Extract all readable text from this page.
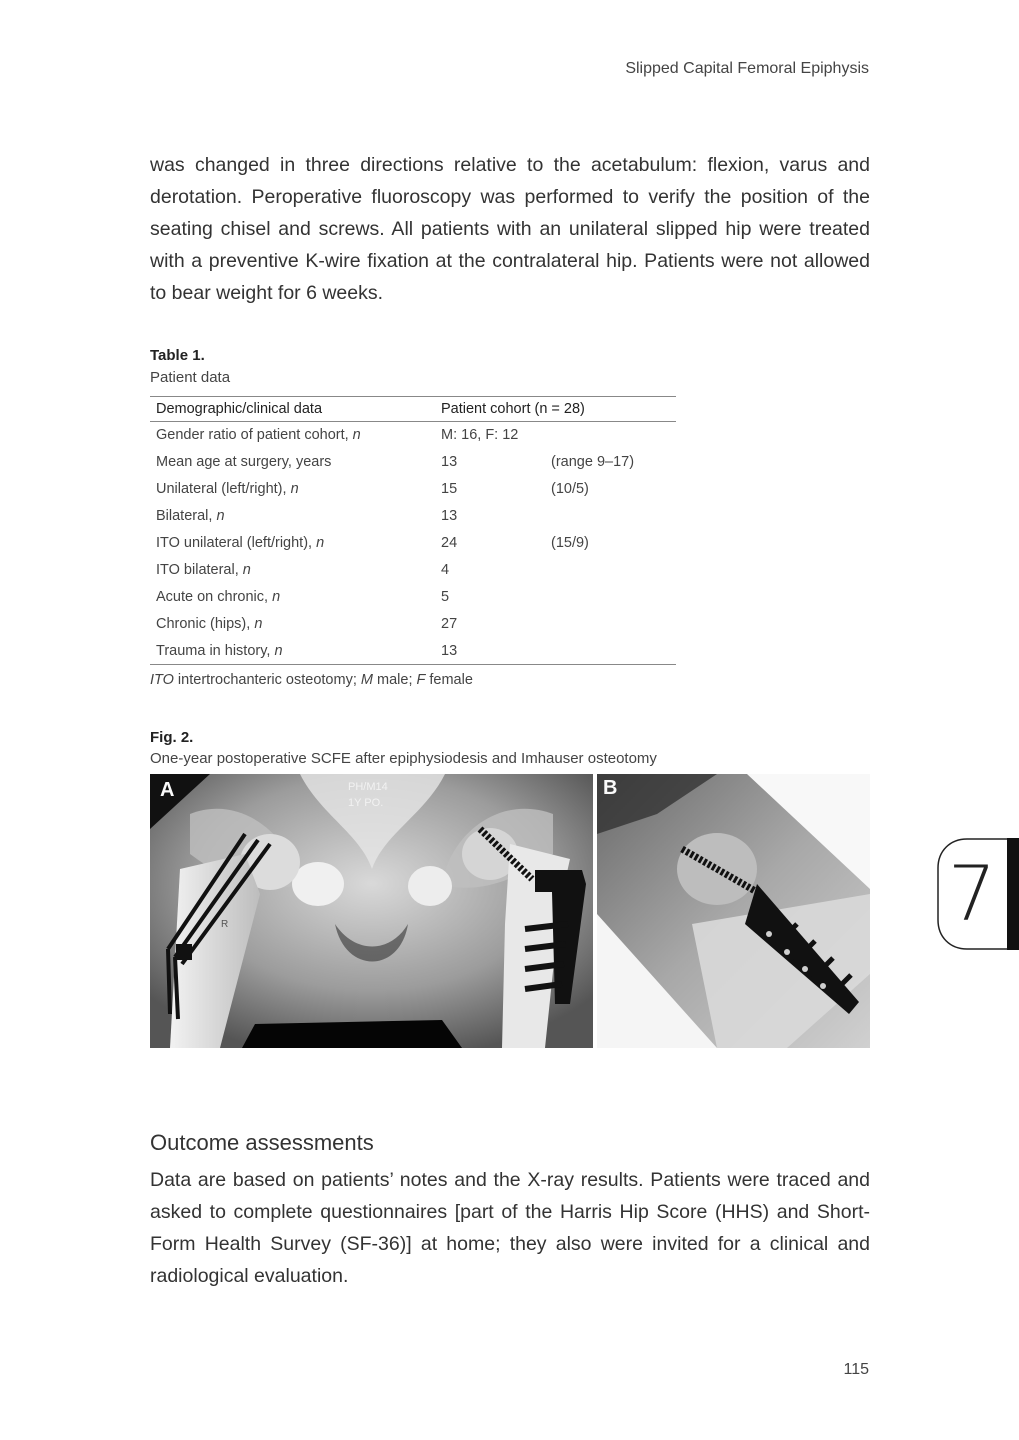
Slipped Capital Femoral Epiphysis
was changed in three directions relative to the acetabulum: flexion, varus and derotation. Peroperative fluoroscopy was performed to verify the position of the seating chisel and screws. All patients with an unilateral slipped hip were treated with a preventive K-wire fixation at the contralateral hip. Patients were not allowed to bear weight for 6 weeks.
Table 1.
Patient data
Demographic/clinical data	Patient cohort (n = 28)	
Gender ratio of patient cohort, n	M: 16, F: 12	
Mean age at surgery, years	13	(range 9–17)
Unilateral (left/right), n	15	(10/5)
Bilateral, n	13	
ITO unilateral (left/right), n	24	(15/9)
ITO bilateral, n	4	
Acute on chronic, n	5	
Chronic (hips), n	27	
Trauma in history, n	13	
ITO intertrochanteric osteotomy; M male; F female
Fig. 2.
One-year postoperative SCFE after epiphysiodesis and Imhauser osteotomy
A	PH/M14
1Y PO.
R
B
Outcome assessments
Data are based on patients’ notes and the X-ray results. Patients were traced and asked to complete questionnaires [part of the Harris Hip Score (HHS) and Short-Form Health Survey (SF-36)] at home; they also were invited for a clinical and radiological evaluation.
7
115
